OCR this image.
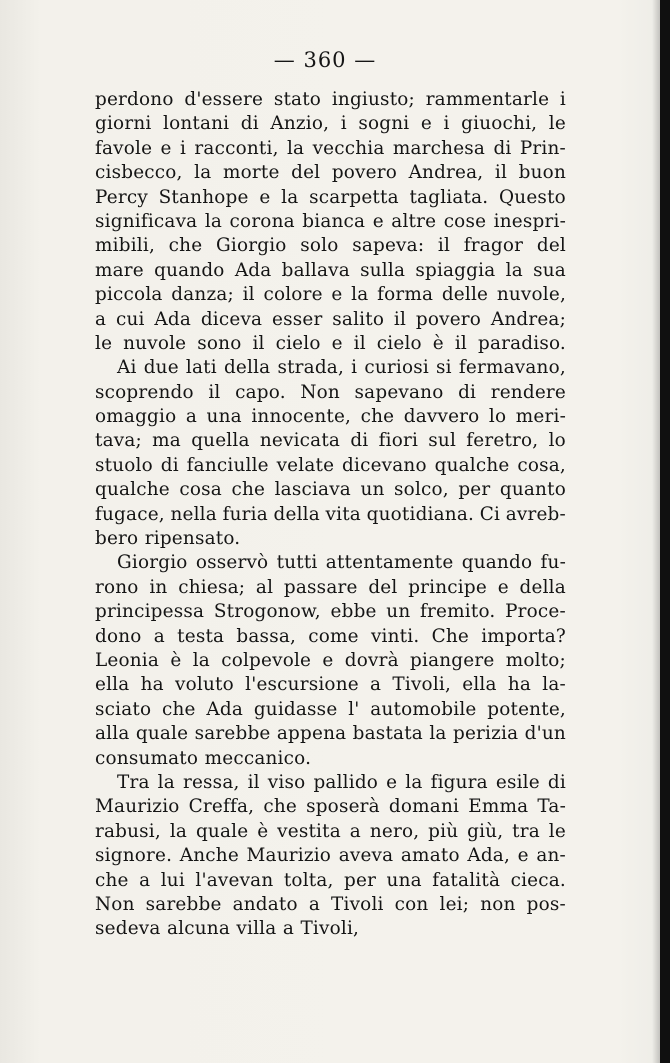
— 360 —
perdono d'essere stato ingiusto; rammentarle i
giorni lontani di Anzio, i sogni e i giuochi, le
favole e i racconti, la vecchia marchesa di Prin-
cisbecco, la morte del povero Andrea, il buon
Percy Stanhope e la scarpetta tagliata. Questo
significava la corona bianca e altre cose inespri-
mibili, che Giorgio solo sapeva: il fragor del
mare quando Ada ballava sulla spiaggia la sua
piccola danza; il colore e la forma delle nuvole,
a cui Ada diceva esser salito il povero Andrea;
le nuvole sono il cielo e il cielo è il paradiso.
Ai due lati della strada, i curiosi si fermavano,
scoprendo il capo. Non sapevano di rendere
omaggio a una innocente, che davvero lo meri-
tava; ma quella nevicata di fiori sul feretro, lo
stuolo di fanciulle velate dicevano qualche cosa,
qualche cosa che lasciava un solco, per quanto
fugace, nella furia della vita quotidiana. Ci avreb-
bero ripensato.
Giorgio osservò tutti attentamente quando fu-
rono in chiesa; al passare del principe e della
principessa Strogonow, ebbe un fremito. Proce-
dono a testa bassa, come vinti. Che importa?
Leonia è la colpevole e dovrà piangere molto;
ella ha voluto l'escursione a Tivoli, ella ha la-
sciato che Ada guidasse l' automobile potente,
alla quale sarebbe appena bastata la perizia d'un
consumato meccanico.
Tra la ressa, il viso pallido e la figura esile di
Maurizio Creffa, che sposerà domani Emma Ta-
rabusi, la quale è vestita a nero, più giù, tra le
signore. Anche Maurizio aveva amato Ada, e an-
che a lui l'avevan tolta, per una fatalità cieca.
Non sarebbe andato a Tivoli con lei; non pos-
sedeva alcuna villa a Tivoli,
